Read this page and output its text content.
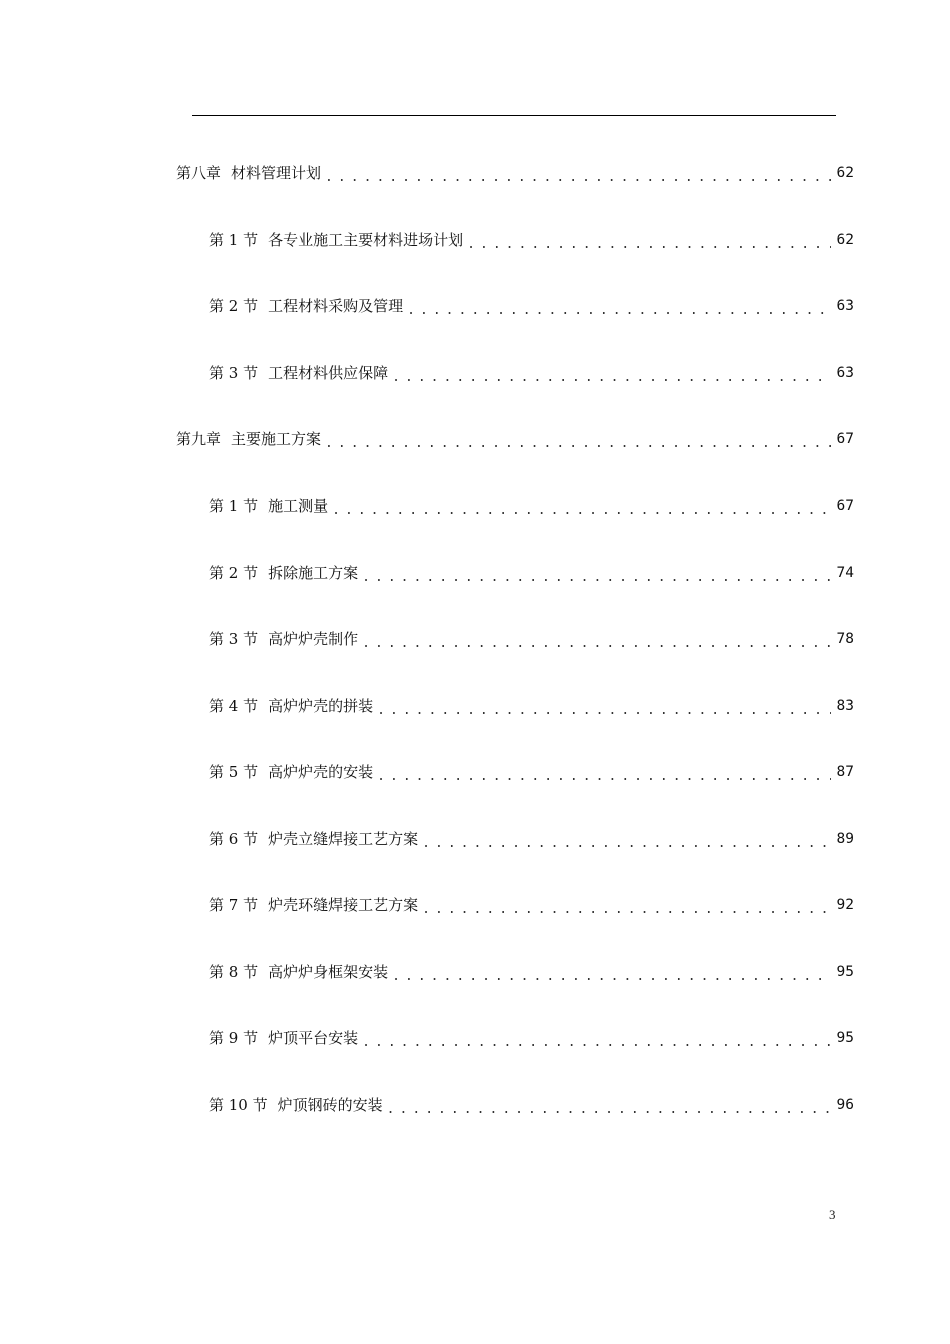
第八章 材料管理计划 . . .	62
第 1 节 各专业施工主要材料进场计划 . . .	62
第 2 节 工程材料采购及管理 . . .	63
第 3 节 工程材料供应保障 . . .	63
第九章 主要施工方案 . . .	67
第 1 节 施工测量 . . .	67
第 2 节 拆除施工方案 . . .	74
第 3 节 高炉炉壳制作 . . .	78
第 4 节 高炉炉壳的拼装 . . .	83
第 5 节 高炉炉壳的安装 . . .	87
第 6 节 炉壳立缝焊接工艺方案 . . .	89
第 7 节 炉壳环缝焊接工艺方案 . . .	92
第 8 节 高炉炉身框架安装 . . .	95
第 9 节 炉顶平台安装 . . .	95
第 10 节 炉顶钢砖的安装 . . .	96
3
